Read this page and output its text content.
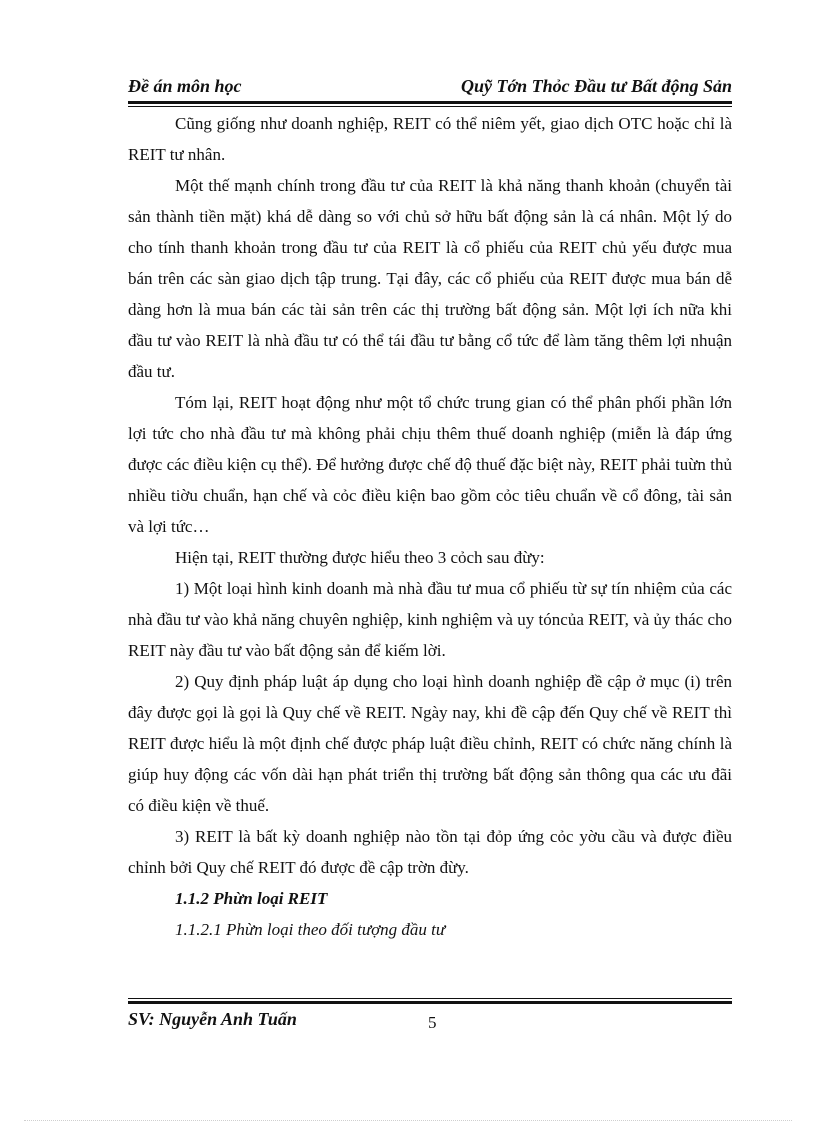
Đề án môn học	Quỹ Tớn Thỏc Đầu tư Bất động Sản

Cũng giống như doanh nghiệp, REIT có thể niêm yết, giao dịch OTC hoặc chỉ là REIT tư nhân.

Một thế mạnh chính trong đầu tư của REIT là khả năng thanh khoản (chuyển tài sản thành tiền mặt) khá dễ dàng so với chủ sở hữu bất động sản là cá nhân. Một lý do cho tính thanh khoản trong đầu tư của REIT là cổ phiếu của REIT chủ yếu được mua bán trên các sàn giao dịch tập trung. Tại đây, các cổ phiếu của REIT được mua bán dễ dàng hơn là mua bán các tài sản trên các thị trường bất động sản. Một lợi ích nữa khi đầu tư vào REIT là nhà đầu tư có thể tái đầu tư bằng cổ tức để làm tăng thêm lợi nhuận đầu tư.

Tóm lại, REIT hoạt động như một tổ chức trung gian có thể phân phối phần lớn lợi tức cho nhà đầu tư mà không phải chịu thêm thuế doanh nghiệp (miễn là đáp ứng được các điều kiện cụ thể). Để hưởng được chế độ thuế đặc biệt này, REIT phải tuừn thủ nhiều tiờu chuẩn, hạn chế và cỏc điều kiện bao gồm cỏc tiêu chuẩn về cổ đông, tài sản và lợi tức…

Hiện tại, REIT thường được hiểu theo 3 cỏch sau đừy:

1) Một loại hình kinh doanh mà nhà đầu tư mua cổ phiếu từ sự tín nhiệm của các nhà đầu tư vào khả năng chuyên nghiệp, kinh nghiệm và uy tóncủa REIT, và ủy thác cho REIT này đầu tư vào bất động sản để kiếm lời.

2) Quy định pháp luật áp dụng cho loại hình doanh nghiệp đề cập ở mục (i) trên đây được gọi là gọi là Quy chế về REIT. Ngày nay, khi đề cập đến Quy chế về REIT thì REIT được hiểu là một định chế được pháp luật điều chỉnh, REIT có chức năng chính là giúp huy động các vốn dài hạn phát triển thị trường bất động sản thông qua các ưu đãi có điều kiện về thuế.

3) REIT là bất kỳ doanh nghiệp nào tồn tại đỏp ứng cỏc yờu cầu và được điều chỉnh bởi Quy chế REIT đó được đề cập trờn đừy.

1.1.2 Phừn loại REIT

1.1.2.1 Phừn loại theo đối tượng đầu tư

SV: Nguyễn Anh Tuấn	5
